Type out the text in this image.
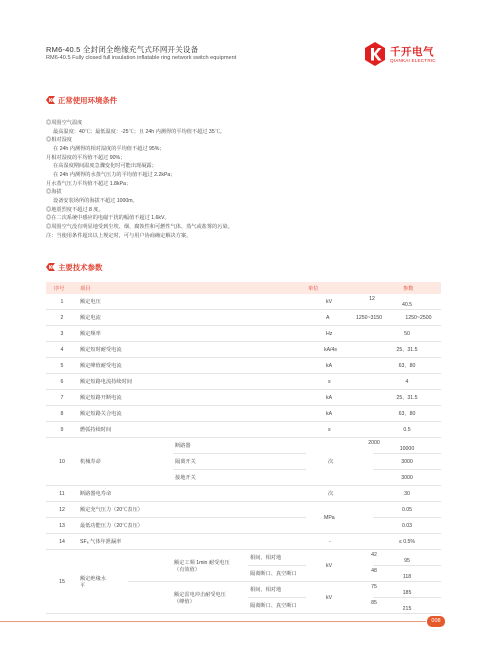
RM6-40.5 全封闭全绝缘充气式环网开关设备
RM6-40.5 Fully closed full insulation inflatable ring network switch equipment	千开电气
QIANKAI ELECTRIC
正常使用环境条件
◎周围空气温度
最高温度：40℃；最低温度：-25℃；且 24h 内测得的平均值不超过 35℃。
◎相对湿度
在 24h 内测得的相对湿度的平均值不超过 95%；
月相对湿度的平均值不超过 90%；
在高湿度期间温度急骤变化时可能出现凝露；
在 24h 内测得的水蒸气压力的平均值不超过 2.2kPa；
月水蒸气压力平均值不超过 1.8kPa；
◎海拔
设备安装场所的海拔不超过 1000m。
◎地震烈度不超过 8 度。
◎在二次系统中感应的电磁干扰的幅值不超过 1.6kV。
◎周围空气没有明显地受到尘埃、烟、腐蚀性和可燃性气体、蒸气或盐雾的污染。
注：当使用条件超出以上规定时，可与用户协商确定解决方案。
主要技术参数
序号	项目				单位	参数
1	额定电压				kV	12 40.5
2	额定电流				A	1250~3150 1250~2500
3	额定频率				Hz	50
4	额定短时耐受电流				kA/4s	25、31.5
5	额定峰值耐受电流				kA	63、80
6	额定短路电流持续时间				s	4
7	额定短路开断电流				kA	25、31.5
8	额定短路关合电流				kA	63、80
9	燃弧持续时间				s	0.5
10	机械寿命		断路器		次	2000 10000
			隔离开关			3000
			接地开关			3000
11	断路器电寿命				次	30
12	额定充气压力（20℃表压）				MPa	0.05
13	最低功能压力（20℃表压）					0.03
14	SF₆ 气体年泄漏率				-	≤ 0.5%
15	额定绝缘水平	额定工频 1min 耐受电压（有效值）		相间、相对地	kV	42 95
				隔离断口、真空断口		48 118
		额定雷电冲击耐受电压（峰值）		相间、相对地	kV	75 185
				隔离断口、真空断口		85 215
008
